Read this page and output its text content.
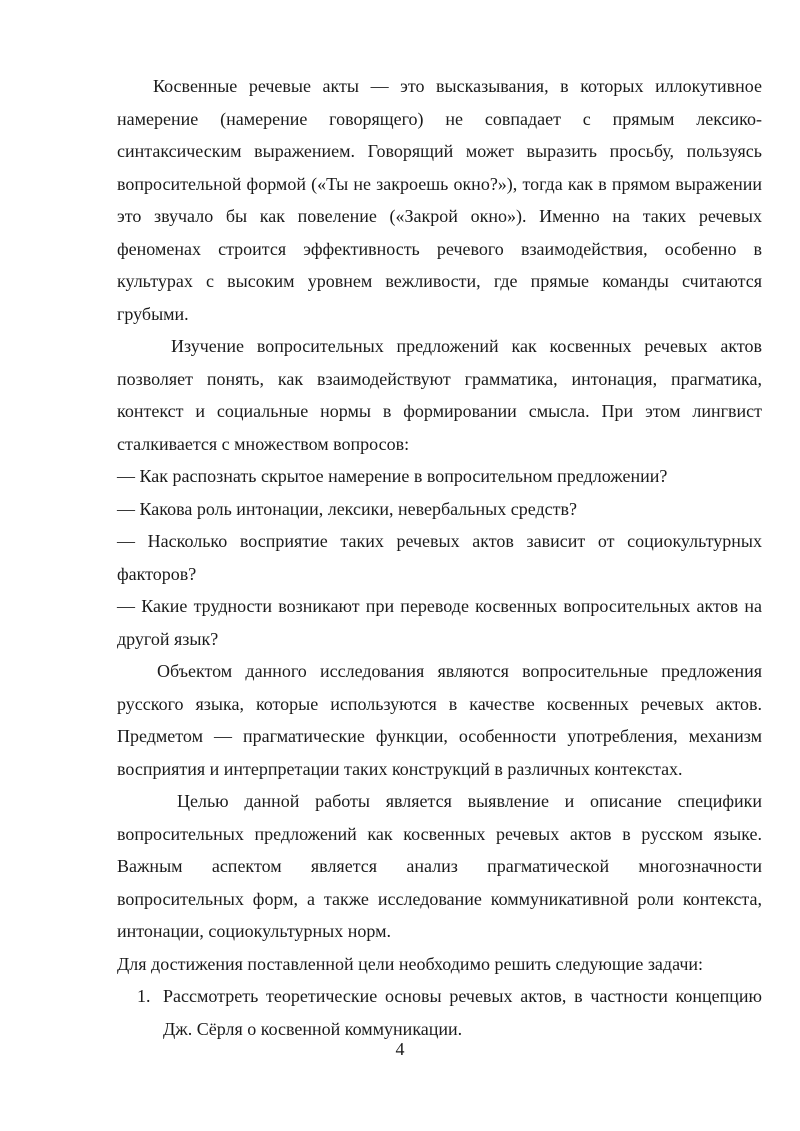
Косвенные речевые акты — это высказывания, в которых иллокутивное намерение (намерение говорящего) не совпадает с прямым лексико-синтаксическим выражением. Говорящий может выразить просьбу, пользуясь вопросительной формой («Ты не закроешь окно?»), тогда как в прямом выражении это звучало бы как повеление («Закрой окно»). Именно на таких речевых феноменах строится эффективность речевого взаимодействия, особенно в культурах с высоким уровнем вежливости, где прямые команды считаются грубыми.

Изучение вопросительных предложений как косвенных речевых актов позволяет понять, как взаимодействуют грамматика, интонация, прагматика, контекст и социальные нормы в формировании смысла. При этом лингвист сталкивается с множеством вопросов:

— Как распознать скрытое намерение в вопросительном предложении?

— Какова роль интонации, лексики, невербальных средств?

— Насколько восприятие таких речевых актов зависит от социокультурных факторов?

— Какие трудности возникают при переводе косвенных вопросительных актов на другой язык?

Объектом данного исследования являются вопросительные предложения русского языка, которые используются в качестве косвенных речевых актов. Предметом — прагматические функции, особенности употребления, механизм восприятия и интерпретации таких конструкций в различных контекстах.

Целью данной работы является выявление и описание специфики вопросительных предложений как косвенных речевых актов в русском языке. Важным аспектом является анализ прагматической многозначности вопросительных форм, а также исследование коммуникативной роли контекста, интонации, социокультурных норм.

Для достижения поставленной цели необходимо решить следующие задачи:

1. Рассмотреть теоретические основы речевых актов, в частности концепцию Дж. Сёрля о косвенной коммуникации.
4
